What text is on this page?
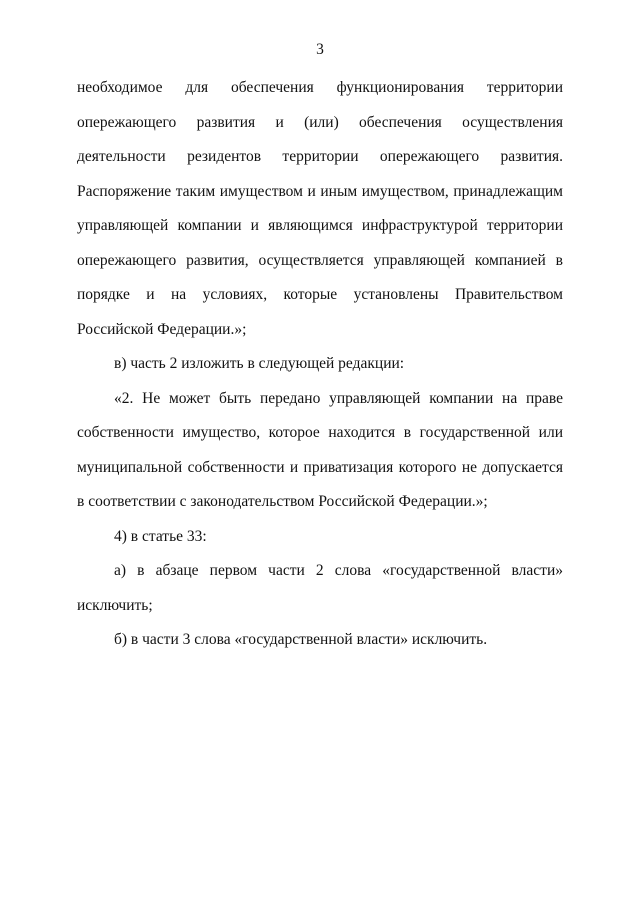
3

необходимое для обеспечения функционирования территории опережающего развития и (или) обеспечения осуществления деятельности резидентов территории опережающего развития. Распоряжение таким имуществом и иным имуществом, принадлежащим управляющей компании и являющимся инфраструктурой территории опережающего развития, осуществляется управляющей компанией в порядке и на условиях, которые установлены Правительством Российской Федерации.»;

в) часть 2 изложить в следующей редакции:

«2. Не может быть передано управляющей компании на праве собственности имущество, которое находится в государственной или муниципальной собственности и приватизация которого не допускается в соответствии с законодательством Российской Федерации.»;

4) в статье 33:

а) в абзаце первом части 2 слова «государственной власти» исключить;

б) в части 3 слова «государственной власти» исключить.
